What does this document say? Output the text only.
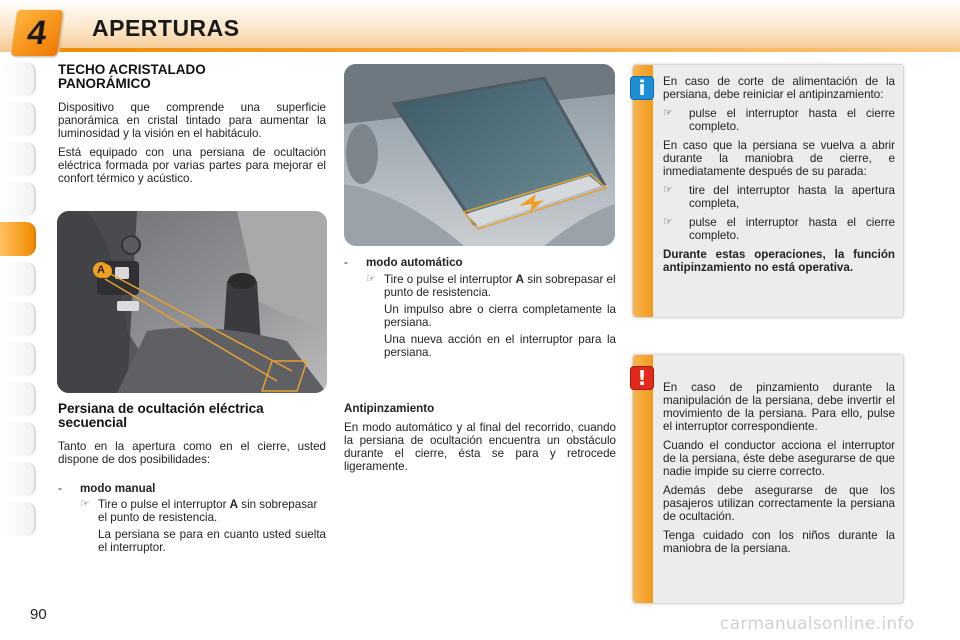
4	APERTURAS
TECHO ACRISTALADO PANORÁMICO

Dispositivo que comprende una superficie panorámica en cristal tintado para aumentar la luminosidad y la visión en el habitáculo.

Está equipado con una persiana de ocultación eléctrica formada por varias partes para mejorar el confort térmico y acústico.

A
Persiana de ocultación eléctrica secuencial

Tanto en la apertura como en el cierre, usted dispone de dos posibilidades:

- modo manual
☞ Tire o pulse el interruptor A sin sobrepasar el punto de resistencia.
La persiana se para en cuanto usted suelta el interruptor.
- modo automático
☞ Tire o pulse el interruptor A sin sobrepasar el punto de resistencia.
Un impulso abre o cierra completamente la persiana.
Una nueva acción en el interruptor para la persiana.
Antipinzamiento

En modo automático y al final del recorrido, cuando la persiana de ocultación encuentra un obstáculo durante el cierre, ésta se para y retrocede ligeramente.

En caso de corte de alimentación de la persiana, debe reiniciar el antipinzamiento:

☞ pulse el interruptor hasta el cierre completo.

En caso que la persiana se vuelva a abrir durante la maniobra de cierre, e inmediatamente después de su parada:

☞ tire del interruptor hasta la apertura completa,
☞ pulse el interruptor hasta el cierre completo.

Durante estas operaciones, la función antipinzamiento no está operativa.

i

En caso de pinzamiento durante la manipulación de la persiana, debe invertir el movimiento de la persiana. Para ello, pulse el interruptor correspondiente.

Cuando el conductor acciona el interruptor de la persiana, éste debe asegurarse de que nadie impide su cierre correcto.

Además debe asegurarse de que los pasajeros utilizan correctamente la persiana de ocultación.

Tenga cuidado con los niños durante la maniobra de la persiana.

!
90	carmanualsonline.info
